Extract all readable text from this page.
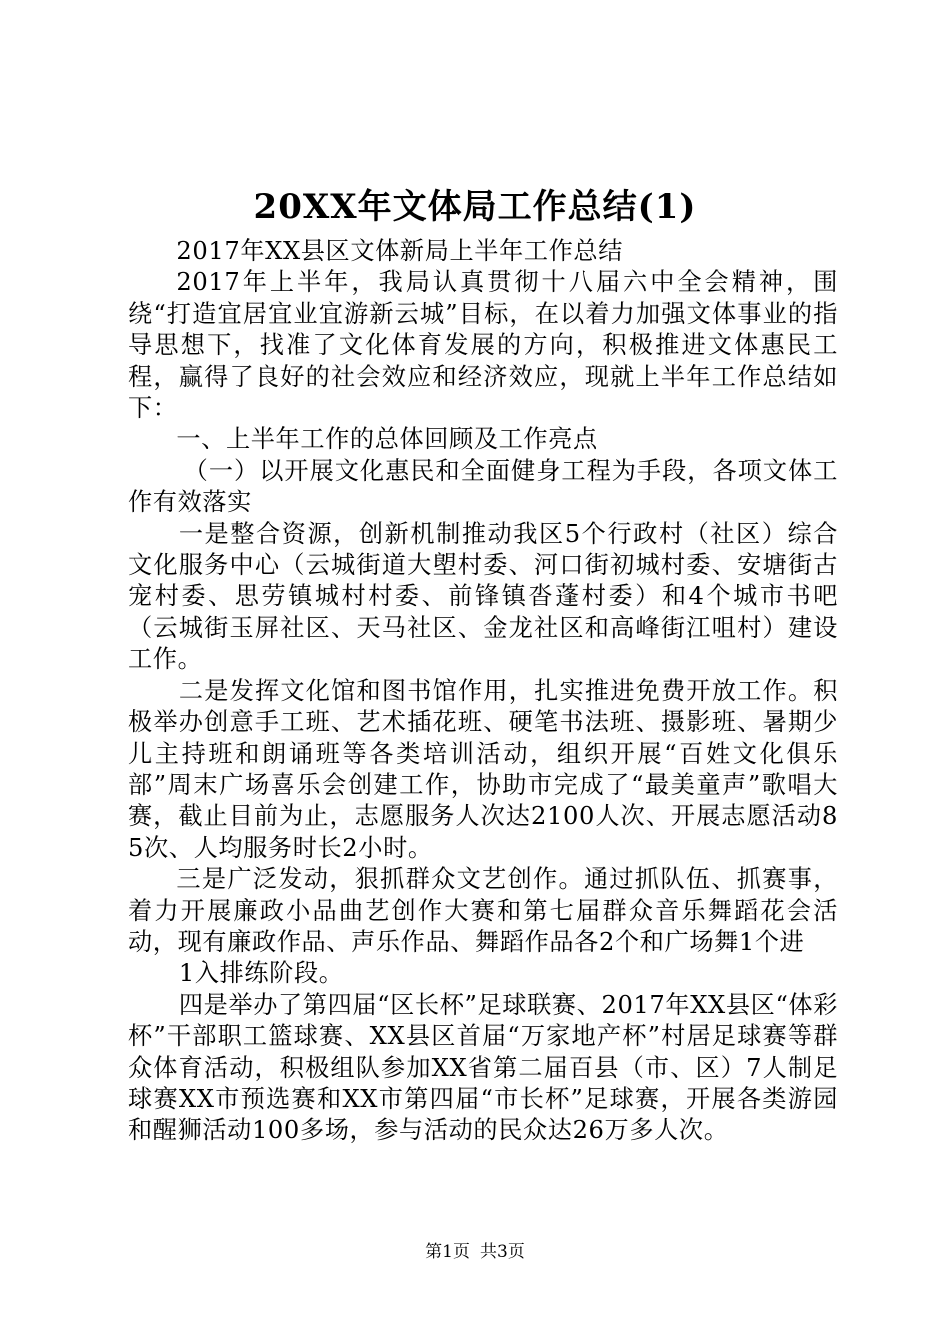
20XX年文体局工作总结(1)

2017年XX县区文体新局上半年工作总结

2017年上半年，我局认真贯彻十八届六中全会精神，围绕“打造宜居宜业宜游新云城”目标，在以着力加强文体事业的指导思想下，找准了文化体育发展的方向，积极推进文体惠民工程，赢得了良好的社会效应和经济效应，现就上半年工作总结如下：

一、上半年工作的总体回顾及工作亮点

（一）以开展文化惠民和全面健身工程为手段，各项文体工作有效落实

一是整合资源，创新机制推动我区5个行政村（社区）综合文化服务中心（云城街道大塱村委、河口街初城村委、安塘街古宠村委、思劳镇城村村委、前锋镇沓蓬村委）和4个城市书吧（云城街玉屏社区、天马社区、金龙社区和高峰街江咀村）建设工作。

二是发挥文化馆和图书馆作用，扎实推进免费开放工作。积极举办创意手工班、艺术插花班、硬笔书法班、摄影班、暑期少儿主持班和朗诵班等各类培训活动，组织开展“百姓文化俱乐部”周末广场喜乐会创建工作，协助市完成了“最美童声”歌唱大赛，截止目前为止，志愿服务人次达2100人次、开展志愿活动85次、人均服务时长2小时。

三是广泛发动，狠抓群众文艺创作。通过抓队伍、抓赛事，着力开展廉政小品曲艺创作大赛和第七届群众音乐舞蹈花会活动，现有廉政作品、声乐作品、舞蹈作品各2个和广场舞1个进

1入排练阶段。

四是举办了第四届“区长杯”足球联赛、2017年XX县区“体彩杯”干部职工篮球赛、XX县区首届“万家地产杯”村居足球赛等群众体育活动，积极组队参加XX省第二届百县（市、区）7人制足球赛XX市预选赛和XX市第四届“市长杯”足球赛，开展各类游园和醒狮活动100多场，参与活动的民众达26万多人次。

第1页 共3页
